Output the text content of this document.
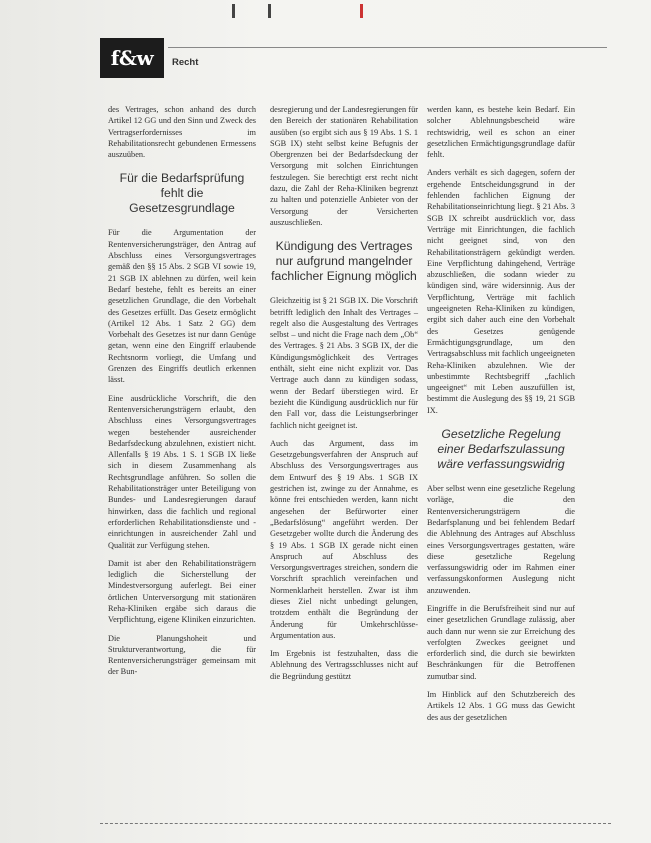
f&w	Recht

des Vertrages, schon anhand des durch Artikel 12 GG und den Sinn und Zweck des Vertragserfordernisses im Rehabilitationsrecht gebundenen Ermessens auszuüben.

Für die Bedarfsprüfung fehlt die Gesetzesgrundlage

Für die Argumentation der Rentenversicherungsträger, den Antrag auf Abschluss eines Versorgungsvertrages gemäß den §§ 15 Abs. 2 SGB VI sowie 19, 21 SGB IX ablehnen zu dürfen, weil kein Bedarf bestehe, fehlt es bereits an einer gesetzlichen Grundlage, die den Vorbehalt des Gesetzes erfüllt. Das Gesetz ermöglicht (Artikel 12 Abs. 1 Satz 2 GG) dem Vorbehalt des Gesetzes ist nur dann Genüge getan, wenn eine den Eingriff erlaubende Rechtsnorm vorliegt, die Umfang und Grenzen des Eingriffs deutlich erkennen lässt.

Eine ausdrückliche Vorschrift, die den Rentenversicherungsträgern erlaubt, den Abschluss eines Versorgungsvertrages wegen bestehender ausreichender Bedarfsdeckung abzulehnen, existiert nicht. Allenfalls § 19 Abs. 1 S. 1 SGB IX ließe sich in diesem Zusammenhang als Rechtsgrundlage anführen. So sollen die Rehabilitationsträger unter Beteiligung von Bundes- und Landesregierungen darauf hinwirken, dass die fachlich und regional erforderlichen Rehabilitationsdienste und -einrichtungen in ausreichender Zahl und Qualität zur Verfügung stehen.

Damit ist aber den Rehabilitationsträgern lediglich die Sicherstellung der Mindestversorgung auferlegt. Bei einer örtlichen Unterversorgung mit stationären Reha-Kliniken ergäbe sich daraus die Verpflichtung, eigene Kliniken einzurichten.

Die Planungshoheit und Strukturverantwortung, die für Rentenversicherungsträger gemeinsam mit der Bun-

desregierung und der Landesregierungen für den Bereich der stationären Rehabilitation ausüben (so ergibt sich aus § 19 Abs. 1 S. 1 SGB IX) steht selbst keine Befugnis der Obergrenzen bei der Bedarfsdeckung der Versorgung mit solchen Einrichtungen festzulegen. Sie berechtigt erst recht nicht dazu, die Zahl der Reha-Kliniken begrenzt zu halten und potenzielle Anbieter von der Versorgung der Versicherten auszuschließen.

Kündigung des Vertrages nur aufgrund mangelnder fachlicher Eignung möglich

Gleichzeitig ist § 21 SGB IX. Die Vorschrift betrifft lediglich den Inhalt des Vertrages – regelt also die Ausgestaltung des Vertrages selbst – und nicht die Frage nach dem „Ob“ des Vertrages. § 21 Abs. 3 SGB IX, der die Kündigungsmöglichkeit des Vertrages enthält, sieht eine nicht explizit vor. Das Vertrage auch dann zu kündigen sodass, wenn der Bedarf überstiegen wird. Er bezieht die Kündigung ausdrücklich nur für den Fall vor, dass die Leistungserbringer fachlich nicht geeignet ist.

Auch das Argument, dass im Gesetzgebungsverfahren der Anspruch auf Abschluss des Versorgungsvertrages aus dem Entwurf des § 19 Abs. 1 SGB IX gestrichen ist, zwinge zu der Annahme, es könne frei entschieden werden, kann nicht angesehen der Befürworter einer „Bedarfslösung“ angeführt werden. Der Gesetzgeber wollte durch die Änderung des § 19 Abs. 1 SGB IX gerade nicht einen Anspruch auf Abschluss des Versorgungsvertrages streichen, sondern die Vorschrift sprachlich vereinfachen und Normenklarheit herstellen. Zwar ist ihm dieses Ziel nicht unbedingt gelungen, trotzdem enthält die Begründung der Änderung für Umkehrschlüsse-Argumentation aus.

Im Ergebnis ist festzuhalten, dass die Ablehnung des Vertragsschlusses nicht auf die Begründung gestützt

werden kann, es bestehe kein Bedarf. Ein solcher Ablehnungsbescheid wäre rechtswidrig, weil es schon an einer gesetzlichen Ermächtigungsgrundlage dafür fehlt.

Anders verhält es sich dagegen, sofern der ergehende Entscheidungsgrund in der fehlenden fachlichen Eignung der Rehabilitationseinrichtung liegt. § 21 Abs. 3 SGB IX schreibt ausdrücklich vor, dass Verträge mit Einrichtungen, die fachlich nicht geeignet sind, von den Rehabilitationsträgern gekündigt werden. Eine Verpflichtung dahingehend, Verträge abzuschließen, die sodann wieder zu kündigen sind, wäre widersinnig. Aus der Verpflichtung, Verträge mit fachlich ungeeigneten Reha-Kliniken zu kündigen, ergibt sich daher auch eine den Vorbehalt des Gesetzes genügende Ermächtigungsgrundlage, um den Vertragsabschluss mit fachlich ungeeigneten Reha-Kliniken abzulehnen. Wie der unbestimmte Rechtsbegriff „fachlich ungeeignet“ mit Leben auszufüllen ist, bestimmt die Auslegung des §§ 19, 21 SGB IX.

Gesetzliche Regelung einer Bedarfszulassung wäre verfassungswidrig

Aber selbst wenn eine gesetzliche Regelung vorläge, die den Rentenversicherungsträgern die Bedarfsplanung und bei fehlendem Bedarf die Ablehnung des Antrages auf Abschluss eines Versorgungsvertrages gestatten, wäre diese gesetzliche Regelung verfassungswidrig oder im Rahmen einer verfassungskonformen Auslegung nicht anzuwenden.

Eingriffe in die Berufsfreiheit sind nur auf einer gesetzlichen Grundlage zulässig, aber auch dann nur wenn sie zur Erreichung des verfolgten Zweckes geeignet und erforderlich sind, die durch sie bewirkten Beschränkungen für die Betroffenen zumutbar sind.

Im Hinblick auf den Schutzbereich des Artikels 12 Abs. 1 GG muss das Gewicht des aus der gesetzlichen
